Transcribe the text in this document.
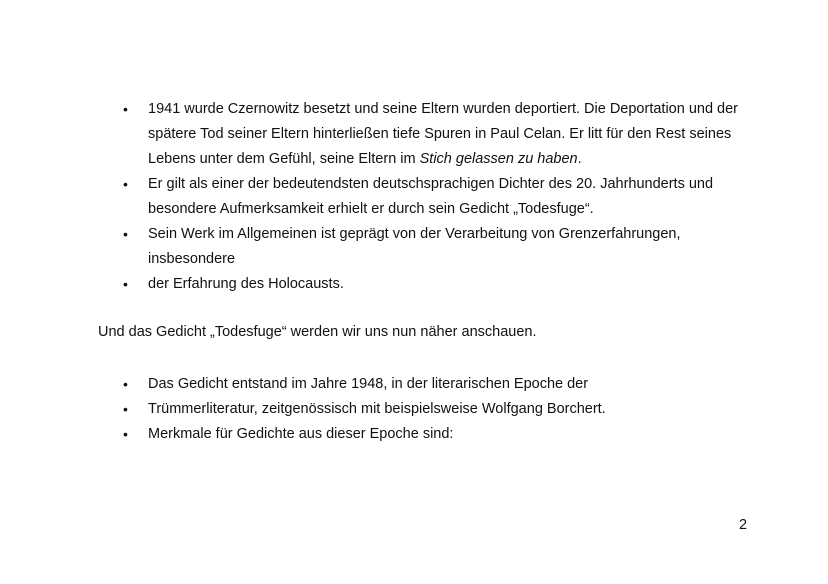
• 1941 wurde Czernowitz besetzt und seine Eltern wurden deportiert. Die Deportation und der spätere Tod seiner Eltern hinterließen tiefe Spuren in Paul Celan. Er litt für den Rest seines Lebens unter dem Gefühl, seine Eltern im Stich gelassen zu haben.
• Er gilt als einer der bedeutendsten deutschsprachigen Dichter des 20. Jahrhunderts und besondere Aufmerksamkeit erhielt er durch sein Gedicht „Todesfuge“.
• Sein Werk im Allgemeinen ist geprägt von der Verarbeitung von Grenzerfahrungen, insbesondere
• der Erfahrung des Holocausts.

Und das Gedicht „Todesfuge“ werden wir uns nun näher anschauen.

• Das Gedicht entstand im Jahre 1948, in der literarischen Epoche der
• Trümmerliteratur, zeitgenössisch mit beispielsweise Wolfgang Borchert.
• Merkmale für Gedichte aus dieser Epoche sind:
2
